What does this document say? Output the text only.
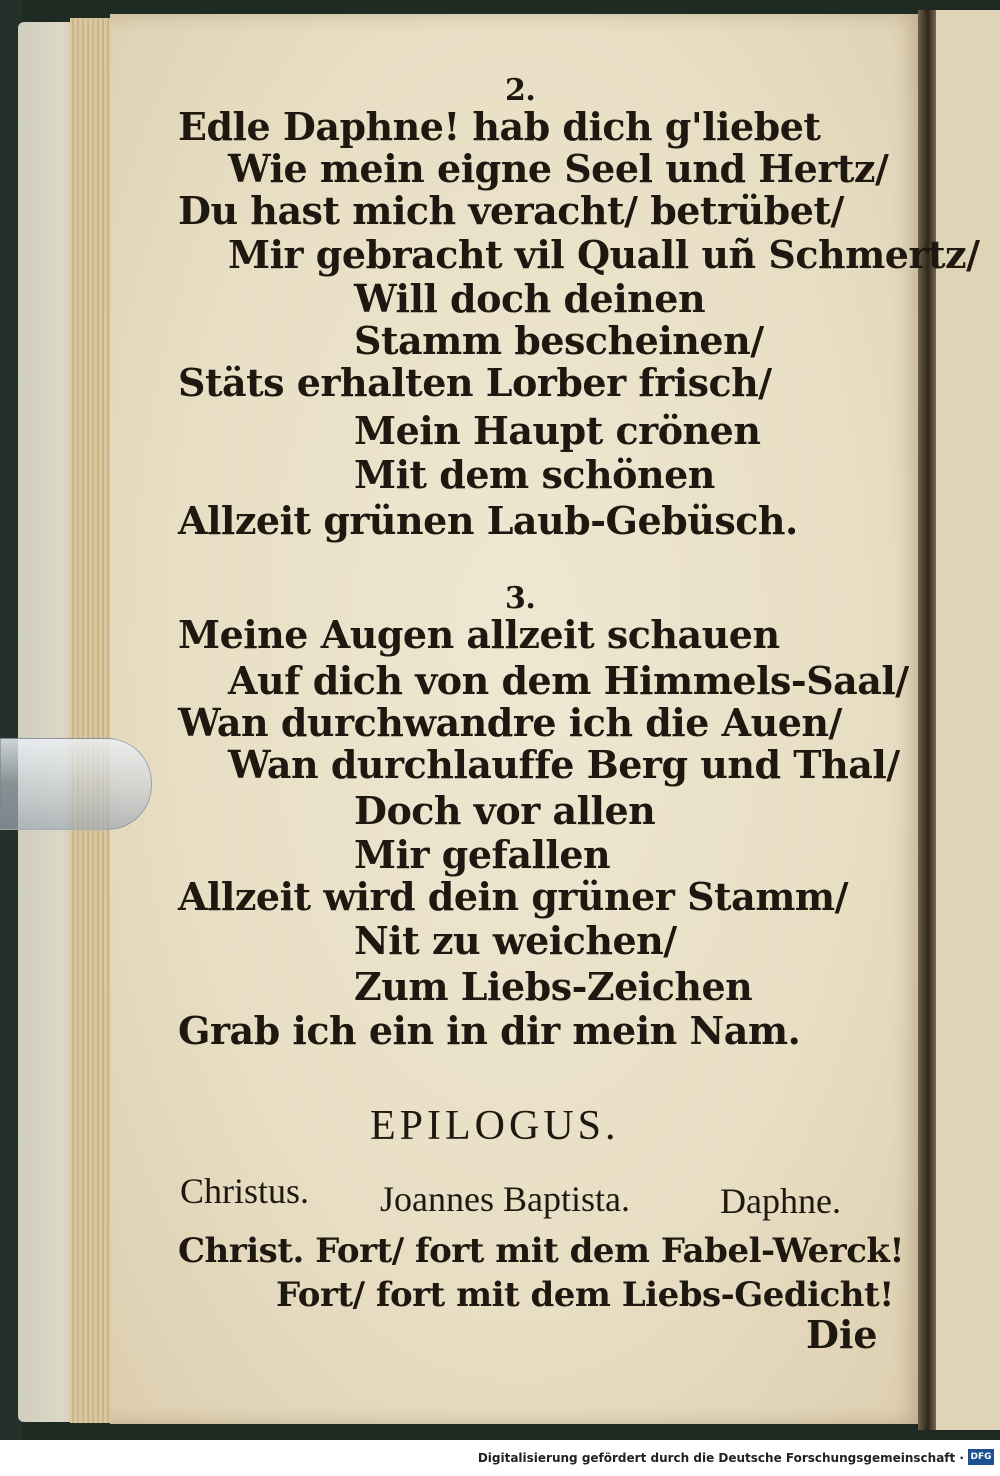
2.
Edle Daphne! hab dich g'liebet
Wie mein eigne Seel und Hertz/
Du hast mich veracht/ betrübet/
Mir gebracht vil Quall uñ Schmertz/
Will doch deinen
Stamm bescheinen/
Stäts erhalten Lorber frisch/
Mein Haupt crönen
Mit dem schönen
Allzeit grünen Laub-Gebüsch.
3.
Meine Augen allzeit schauen
Auf dich von dem Himmels-Saal/
Wan durchwandre ich die Auen/
Wan durchlauffe Berg und Thal/
Doch vor allen
Mir gefallen
Allzeit wird dein grüner Stamm/
Nit zu weichen/
Zum Liebs-Zeichen
Grab ich ein in dir mein Nam.
EPILOGUS.
Christus. Joannes Baptista.	Daphne.
Christ. Fort/ fort mit dem Fabel-Werck!
Fort/ fort mit dem Liebs-Gedicht!
Die
Digitalisierung gefördert durch die Deutsche Forschungsgemeinschaft · DFG
